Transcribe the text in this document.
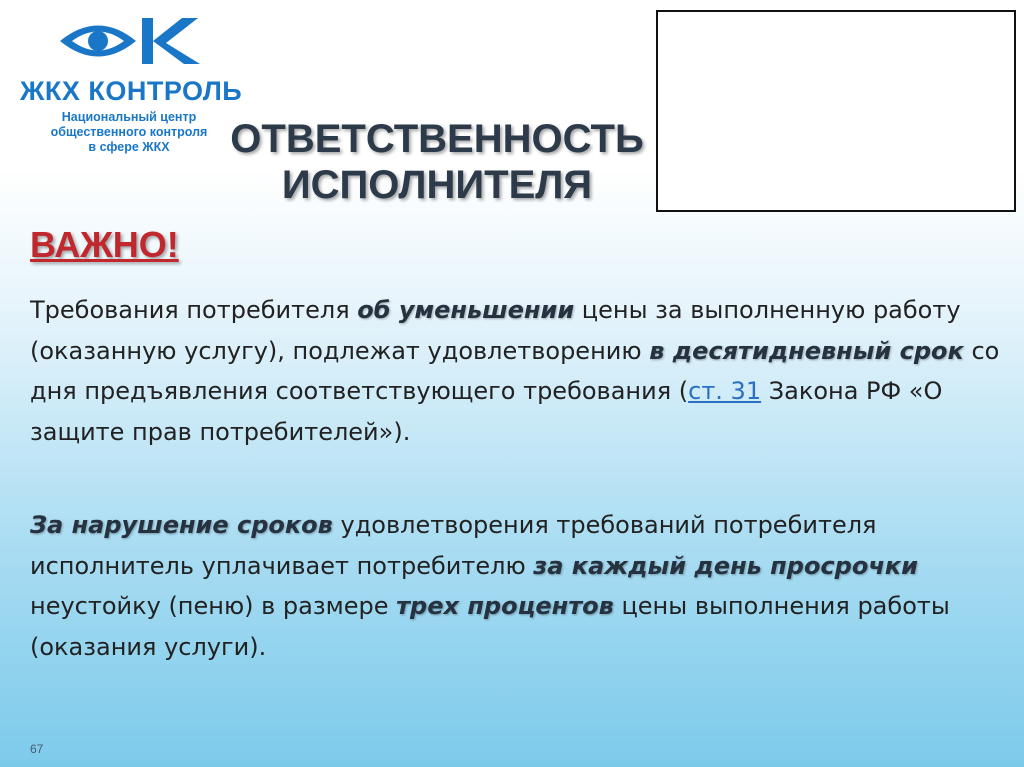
ЖКХ КОНТРОЛЬ
Национальный центр
общественного контроля
в сфере ЖКХ	ОТВЕТСТВЕННОСТЬ
ИСПОЛНИТЕЛЯ
ВАЖНО!

Требования потребителя об уменьшении цены за выполненную работу (оказанную услугу), подлежат удовлетворению в десятидневный срок со дня предъявления соответствующего требования (ст. 31 Закона РФ «О защите прав потребителей»).

За нарушение сроков удовлетворения требований потребителя исполнитель уплачивает потребителю за каждый день просрочки неустойку (пеню) в размере трех процентов цены выполнения работы (оказания услуги).

67
